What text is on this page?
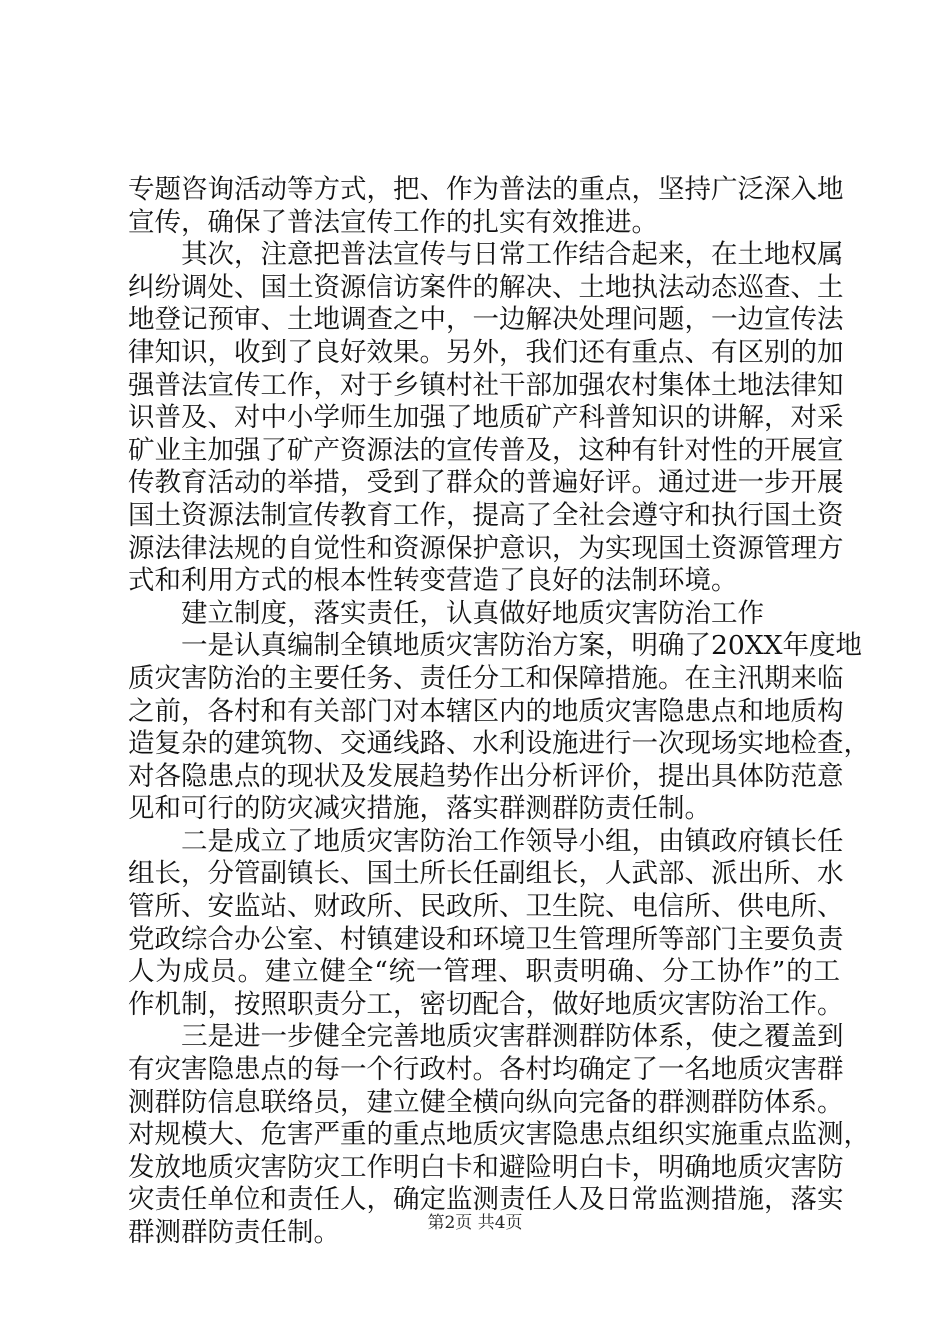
专题咨询活动等方式，把、作为普法的重点，坚持广泛深入地
宣传，确保了普法宣传工作的扎实有效推进。
其次，注意把普法宣传与日常工作结合起来，在土地权属
纠纷调处、国土资源信访案件的解决、土地执法动态巡查、土
地登记预审、土地调查之中，一边解决处理问题，一边宣传法
律知识，收到了良好效果。另外，我们还有重点、有区别的加
强普法宣传工作，对于乡镇村社干部加强农村集体土地法律知
识普及、对中小学师生加强了地质矿产科普知识的讲解，对采
矿业主加强了矿产资源法的宣传普及，这种有针对性的开展宣
传教育活动的举措，受到了群众的普遍好评。通过进一步开展
国土资源法制宣传教育工作，提高了全社会遵守和执行国土资
源法律法规的自觉性和资源保护意识，为实现国土资源管理方
式和利用方式的根本性转变营造了良好的法制环境。
建立制度，落实责任，认真做好地质灾害防治工作
一是认真编制全镇地质灾害防治方案，明确了20XX年度地
质灾害防治的主要任务、责任分工和保障措施。在主汛期来临
之前，各村和有关部门对本辖区内的地质灾害隐患点和地质构
造复杂的建筑物、交通线路、水利设施进行一次现场实地检查，
对各隐患点的现状及发展趋势作出分析评价，提出具体防范意
见和可行的防灾减灾措施，落实群测群防责任制。
二是成立了地质灾害防治工作领导小组，由镇政府镇长任
组长，分管副镇长、国土所长任副组长，人武部、派出所、水
管所、安监站、财政所、民政所、卫生院、电信所、供电所、
党政综合办公室、村镇建设和环境卫生管理所等部门主要负责
人为成员。建立健全“统一管理、职责明确、分工协作”的工
作机制，按照职责分工，密切配合，做好地质灾害防治工作。
三是进一步健全完善地质灾害群测群防体系，使之覆盖到
有灾害隐患点的每一个行政村。各村均确定了一名地质灾害群
测群防信息联络员，建立健全横向纵向完备的群测群防体系。
对规模大、危害严重的重点地质灾害隐患点组织实施重点监测，
发放地质灾害防灾工作明白卡和避险明白卡，明确地质灾害防
灾责任单位和责任人，确定监测责任人及日常监测措施，落实
群测群防责任制。	第2页 共4页
